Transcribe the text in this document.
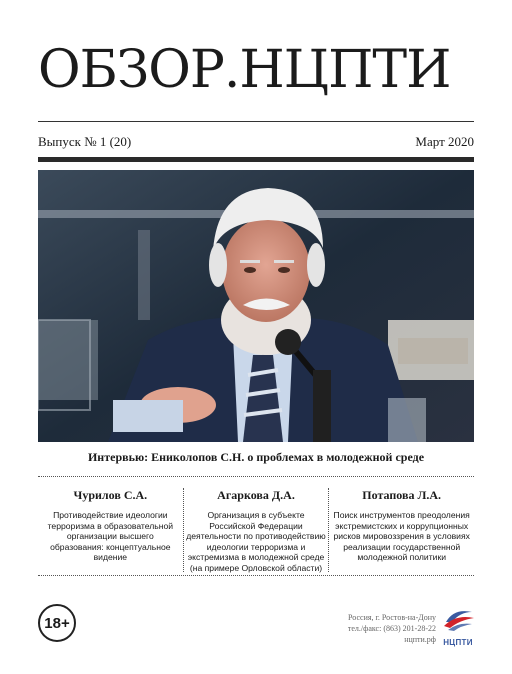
ОБЗОР.НЦПТИ
Выпуск № 1 (20)	Март 2020
Интервью: Ениколопов С.Н. о проблемах в молодежной среде
Чурилов С.А.
Противодействие идеологии терроризма в образовательной организации высшего образования: концептуальное видение
Агаркова Д.А.
Организация в субъекте Российской Федерации деятельности по противодействию идеологии терроризма и экстремизма в молодежной среде (на примере Орловской области)
Потапова Л.А.
Поиск инструментов преодоления экстремистских и коррупционных рисков мировоззрения в условиях реализации государственной молодежной политики
18+	Россия, г. Ростов-на-Дону
тел./факс: (863) 201-28-22
нцпти.рф НЦПТИ
